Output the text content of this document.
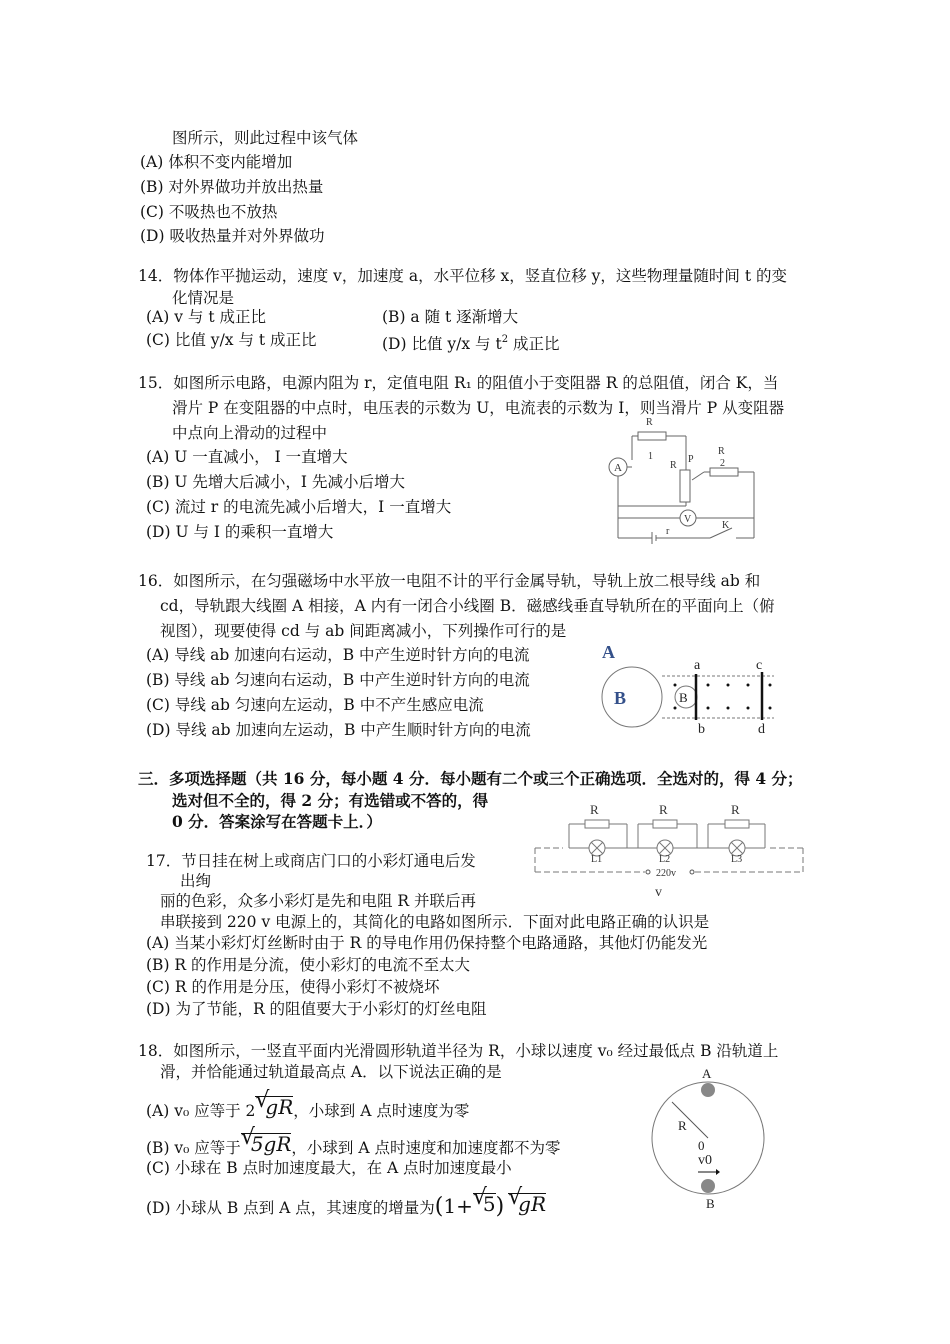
图所示，则此过程中该气体
(A) 体积不变内能增加
(B) 对外界做功并放出热量
(C) 不吸热也不放热
(D) 吸收热量并对外界做功
14．物体作平抛运动，速度 v，加速度 a，水平位移 x，竖直位移 y，这些物理量随时间 t 的变
化情况是
(A) v 与 t 成正比	(B) a 随 t 逐渐增大
(C) 比值 y/x 与 t 成正比	(D) 比值 y/x 与 $t^2$ 成正比
15．如图所示电路，电源内阻为 r，定值电阻 R₁ 的阻值小于变阻器 R 的总阻值，闭合 K，当
滑片 P 在变阻器的中点时，电压表的示数为 U，电流表的示数为 I，则当滑片 P 从变阻器
中点向上滑动的过程中
(A) U 一直减小， I 一直增大
(B) U 先增大后减小，I 先减小后增大
(C) 流过 r 的电流先减小后增大，I 一直增大
(D) U 与 I 的乘积一直增大
R
1	R
2
A
V
R
P
r
K
16．如图所示，在匀强磁场中水平放一电阻不计的平行金属导轨，导轨上放二根导线 ab 和
cd，导轨跟大线圈 A 相接，A 内有一闭合小线圈 B．磁感线垂直导轨所在的平面向上（俯
视图），现要使得 cd 与 ab 间距离减小，下列操作可行的是
(A) 导线 ab 加速向右运动，B 中产生逆时针方向的电流
(B) 导线 ab 匀速向右运动，B 中产生逆时针方向的电流
(C) 导线 ab 匀速向左运动，B 中不产生感应电流
(D) 导线 ab 加速向左运动，B 中产生顺时针方向的电流
A
B	B
a
b
c
d
三．多项选择题（共 16 分，每小题 4 分．每小题有二个或三个正确选项．全选对的，得 4 分；
选对但不全的，得 2 分；有选错或不答的，得
0 分．答案涂写在答题卡上．）
17．节日挂在树上或商店门口的小彩灯通电后发
出绚
丽的色彩，众多小彩灯是先和电阻 R 并联后再
串联接到 220 v 电源上的，其简化的电路如图所示．下面对此电路正确的认识是
(A) 当某小彩灯灯丝断时由于 R 的导电作用仍保持整个电路通路，其他灯仍能发光
(B) R 的作用是分流，使小彩灯的电流不至太大
(C) R 的作用是分压，使得小彩灯不被烧坏
(D) 为了节能，R 的阻值要大于小彩灯的灯丝电阻
R	R	R
L1	L2	L3
220v
v
18．如图所示，一竖直平面内光滑圆形轨道半径为 R，小球以速度 v₀ 经过最低点 B 沿轨道上
滑，并恰能通过轨道最高点 A．以下说法正确的是
(A) v₀ 应等于 2 √
gR，小球到 A 点时速度为零
(B) v₀ 应等于 √
5gR，小球到 A 点时速度和加速度都不为零
(C) 小球在 B 点时加速度最大，在 A 点时加速度最小
(D) 小球从 B 点到 A 点，其速度的增量为(1+ √
5) √
gR
A
B
R
0
v0
